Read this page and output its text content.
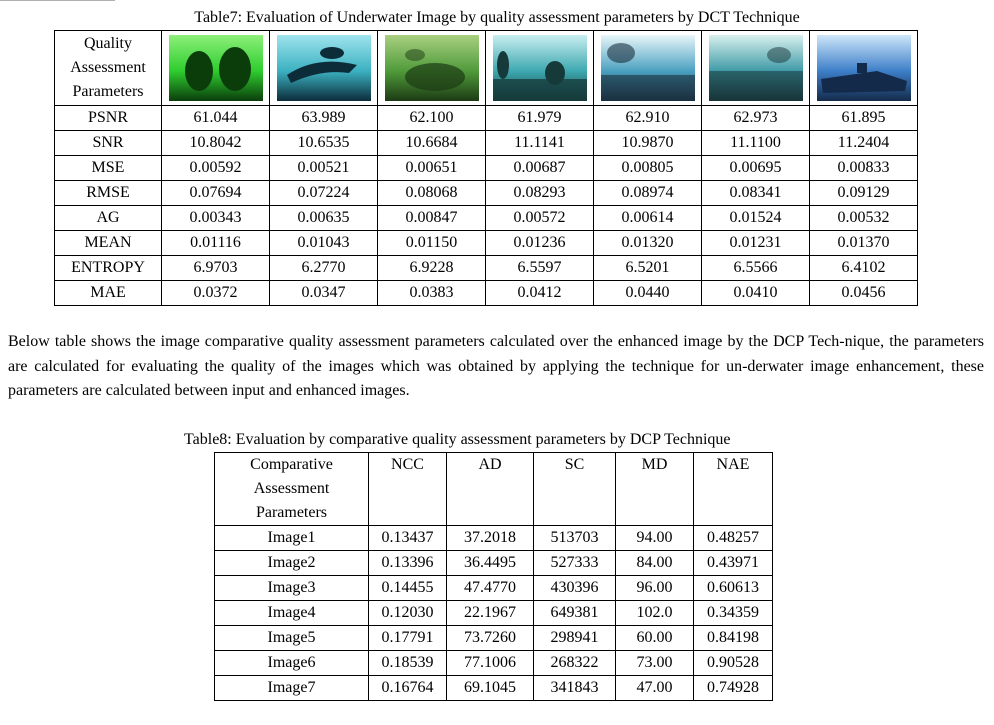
Table7: Evaluation of Underwater Image by quality assessment parameters by DCT Technique
Quality
Assessment
Parameters

PSNR	61.044	63.989	62.100	61.979	62.910	62.973	61.895
SNR	10.8042	10.6535	10.6684	11.1141	10.9870	11.1100	11.2404
MSE	0.00592	0.00521	0.00651	0.00687	0.00805	0.00695	0.00833
RMSE	0.07694	0.07224	0.08068	0.08293	0.08974	0.08341	0.09129
AG	0.00343	0.00635	0.00847	0.00572	0.00614	0.01524	0.00532
MEAN	0.01116	0.01043	0.01150	0.01236	0.01320	0.01231	0.01370
ENTROPY	6.9703	6.2770	6.9228	6.5597	6.5201	6.5566	6.4102
MAE	0.0372	0.0347	0.0383	0.0412	0.0440	0.0410	0.0456

Below table shows the image comparative quality assessment parameters calculated over the enhanced image by the DCP Tech-nique, the parameters are calculated for evaluating the quality of the images which was obtained by applying the technique for un-derwater image enhancement, these parameters are calculated between input and enhanced images.

Table8: Evaluation by comparative quality assessment parameters by DCP Technique
Comparative
Assessment
Parameters	NCC	AD	SC	MD	NAE
Image1	0.13437	37.2018	513703	94.00	0.48257
Image2	0.13396	36.4495	527333	84.00	0.43971
Image3	0.14455	47.4770	430396	96.00	0.60613
Image4	0.12030	22.1967	649381	102.0	0.34359
Image5	0.17791	73.7260	298941	60.00	0.84198
Image6	0.18539	77.1006	268322	73.00	0.90528
Image7	0.16764	69.1045	341843	47.00	0.74928
